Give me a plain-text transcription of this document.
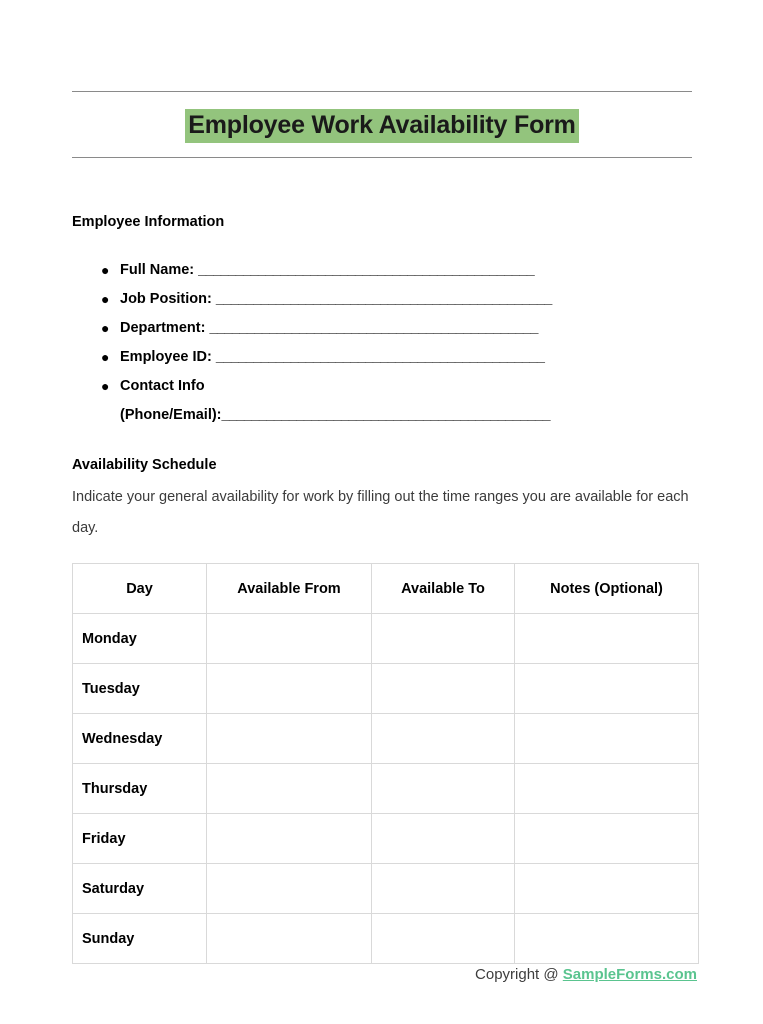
Employee Work Availability Form
Employee Information
● Full Name: _____________________________________________
● Job Position: _____________________________________________
● Department: ____________________________________________
● Employee ID: ____________________________________________
● Contact Info
(Phone/Email):____________________________________________
Availability Schedule
Indicate your general availability for work by filling out the time ranges you are available for each day.
Day	Available From	Available To	Notes (Optional)
Monday			
Tuesday			
Wednesday			
Thursday			
Friday			
Saturday			
Sunday			
Copyright @ SampleForms.com
